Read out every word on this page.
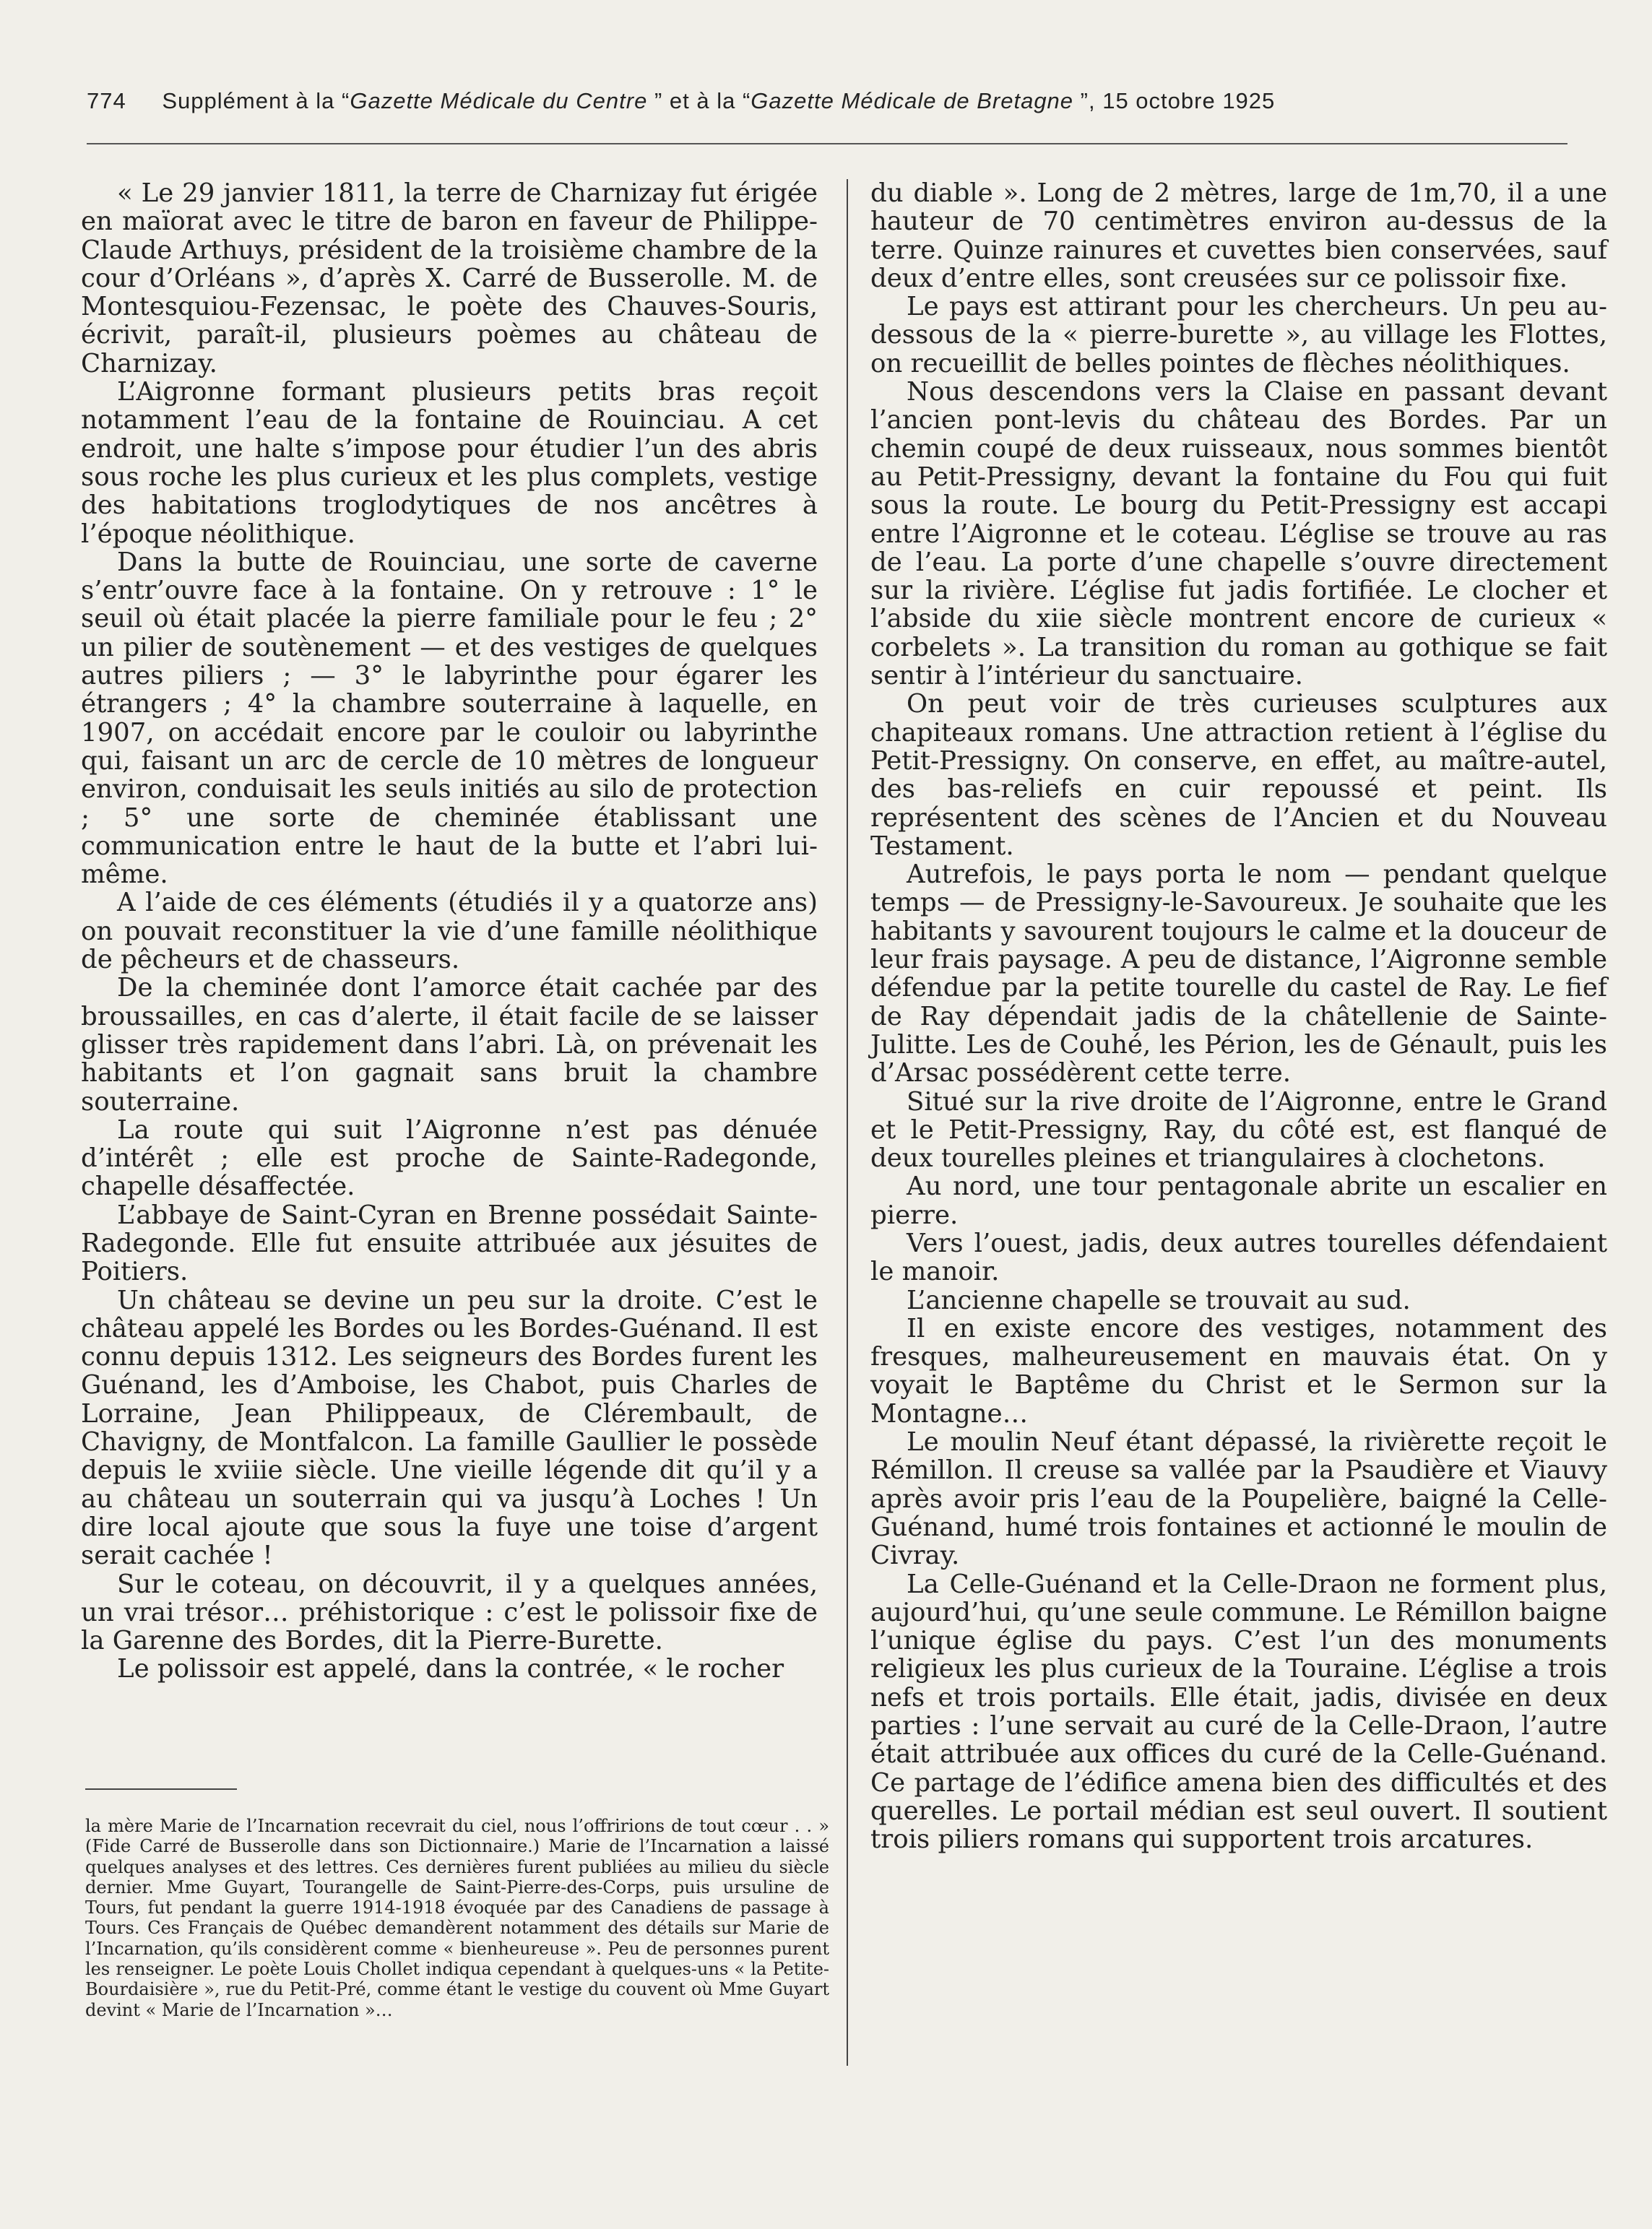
774 Supplément à la “Gazette Médicale du Centre ” et à la “Gazette Médicale de Bretagne ”, 15 octobre 1925

« Le 29 janvier 1811, la terre de Charnizay fut érigée en maïorat avec le titre de baron en faveur de Philippe-Claude Arthuys, président de la troisième chambre de la cour d’Orléans », d’après X. Carré de Busserolle. M. de Montesquiou-Fezensac, le poète des Chauves-Souris, écrivit, paraît-il, plusieurs poèmes au château de Charnizay.

L’Aigronne formant plusieurs petits bras reçoit notamment l’eau de la fontaine de Rouinciau. A cet endroit, une halte s’impose pour étudier l’un des abris sous roche les plus curieux et les plus complets, vestige des habitations troglodytiques de nos ancêtres à l’époque néolithique.

Dans la butte de Rouinciau, une sorte de caverne s’entr’ouvre face à la fontaine. On y retrouve : 1° le seuil où était placée la pierre familiale pour le feu ; 2° un pilier de soutènement — et des vestiges de quelques autres piliers ; — 3° le labyrinthe pour égarer les étrangers ; 4° la chambre souterraine à laquelle, en 1907, on accédait encore par le couloir ou labyrinthe qui, faisant un arc de cercle de 10 mètres de longueur environ, conduisait les seuls initiés au silo de protection ; 5° une sorte de cheminée établissant une communication entre le haut de la butte et l’abri lui-même.

A l’aide de ces éléments (étudiés il y a quatorze ans) on pouvait reconstituer la vie d’une famille néolithique de pêcheurs et de chasseurs.

De la cheminée dont l’amorce était cachée par des broussailles, en cas d’alerte, il était facile de se laisser glisser très rapidement dans l’abri. Là, on prévenait les habitants et l’on gagnait sans bruit la chambre souterraine.

La route qui suit l’Aigronne n’est pas dénuée d’intérêt ; elle est proche de Sainte-Radegonde, chapelle désaffectée.

L’abbaye de Saint-Cyran en Brenne possédait Sainte-Radegonde. Elle fut ensuite attribuée aux jésuites de Poitiers.

Un château se devine un peu sur la droite. C’est le château appelé les Bordes ou les Bordes-Guénand. Il est connu depuis 1312. Les seigneurs des Bordes furent les Guénand, les d’Amboise, les Chabot, puis Charles de Lorraine, Jean Philippeaux, de Clérembault, de Chavigny, de Montfalcon. La famille Gaullier le possède depuis le xviiie siècle. Une vieille légende dit qu’il y a au château un souterrain qui va jusqu’à Loches ! Un dire local ajoute que sous la fuye une toise d’argent serait cachée !

Sur le coteau, on découvrit, il y a quelques années, un vrai trésor… préhistorique : c’est le polissoir fixe de la Garenne des Bordes, dit la Pierre-Burette.

Le polissoir est appelé, dans la contrée, « le rocher

du diable ». Long de 2 mètres, large de 1m,70, il a une hauteur de 70 centimètres environ au-dessus de la terre. Quinze rainures et cuvettes bien conservées, sauf deux d’entre elles, sont creusées sur ce polissoir fixe.

Le pays est attirant pour les chercheurs. Un peu au-dessous de la « pierre-burette », au village les Flottes, on recueillit de belles pointes de flèches néolithiques.

Nous descendons vers la Claise en passant devant l’ancien pont-levis du château des Bordes. Par un chemin coupé de deux ruisseaux, nous sommes bientôt au Petit-Pressigny, devant la fontaine du Fou qui fuit sous la route. Le bourg du Petit-Pressigny est accapi entre l’Aigronne et le coteau. L’église se trouve au ras de l’eau. La porte d’une chapelle s’ouvre directement sur la rivière. L’église fut jadis fortifiée. Le clocher et l’abside du xiie siècle montrent encore de curieux « corbelets ». La transition du roman au gothique se fait sentir à l’intérieur du sanctuaire.

On peut voir de très curieuses sculptures aux chapiteaux romans. Une attraction retient à l’église du Petit-Pressigny. On conserve, en effet, au maître-autel, des bas-reliefs en cuir repoussé et peint. Ils représentent des scènes de l’Ancien et du Nouveau Testament.

Autrefois, le pays porta le nom — pendant quelque temps — de Pressigny-le-Savoureux. Je souhaite que les habitants y savourent toujours le calme et la douceur de leur frais paysage. A peu de distance, l’Aigronne semble défendue par la petite tourelle du castel de Ray. Le fief de Ray dépendait jadis de la châtellenie de Sainte-Julitte. Les de Couhé, les Périon, les de Génault, puis les d’Arsac possédèrent cette terre.

Situé sur la rive droite de l’Aigronne, entre le Grand et le Petit-Pressigny, Ray, du côté est, est flanqué de deux tourelles pleines et triangulaires à clochetons.

Au nord, une tour pentagonale abrite un escalier en pierre.

Vers l’ouest, jadis, deux autres tourelles défendaient le manoir.

L’ancienne chapelle se trouvait au sud.

Il en existe encore des vestiges, notamment des fresques, malheureusement en mauvais état. On y voyait le Baptême du Christ et le Sermon sur la Montagne…

Le moulin Neuf étant dépassé, la rivièrette reçoit le Rémillon. Il creuse sa vallée par la Psaudière et Viauvy après avoir pris l’eau de la Poupelière, baigné la Celle-Guénand, humé trois fontaines et actionné le moulin de Civray.

La Celle-Guénand et la Celle-Draon ne forment plus, aujourd’hui, qu’une seule commune. Le Rémillon baigne l’unique église du pays. C’est l’un des monuments religieux les plus curieux de la Touraine. L’église a trois nefs et trois portails. Elle était, jadis, divisée en deux parties : l’une servait au curé de la Celle-Draon, l’autre était attribuée aux offices du curé de la Celle-Guénand. Ce partage de l’édifice amena bien des difficultés et des querelles. Le portail médian est seul ouvert. Il soutient trois piliers romans qui supportent trois arcatures.

la mère Marie de l’Incarnation recevrait du ciel, nous l’offririons de tout cœur . . » (Fide Carré de Busserolle dans son Dictionnaire.) Marie de l’Incarnation a laissé quelques analyses et des lettres. Ces dernières furent publiées au milieu du siècle dernier. Mme Guyart, Tourangelle de Saint-Pierre-des-Corps, puis ursuline de Tours, fut pendant la guerre 1914-1918 évoquée par des Canadiens de passage à Tours. Ces Français de Québec demandèrent notamment des détails sur Marie de l’Incarnation, qu’ils considèrent comme « bienheureuse ». Peu de personnes purent les renseigner. Le poète Louis Chollet indiqua cependant à quelques-uns « la Petite-Bourdaisière », rue du Petit-Pré, comme étant le vestige du couvent où Mme Guyart devint « Marie de l’Incarnation »…
